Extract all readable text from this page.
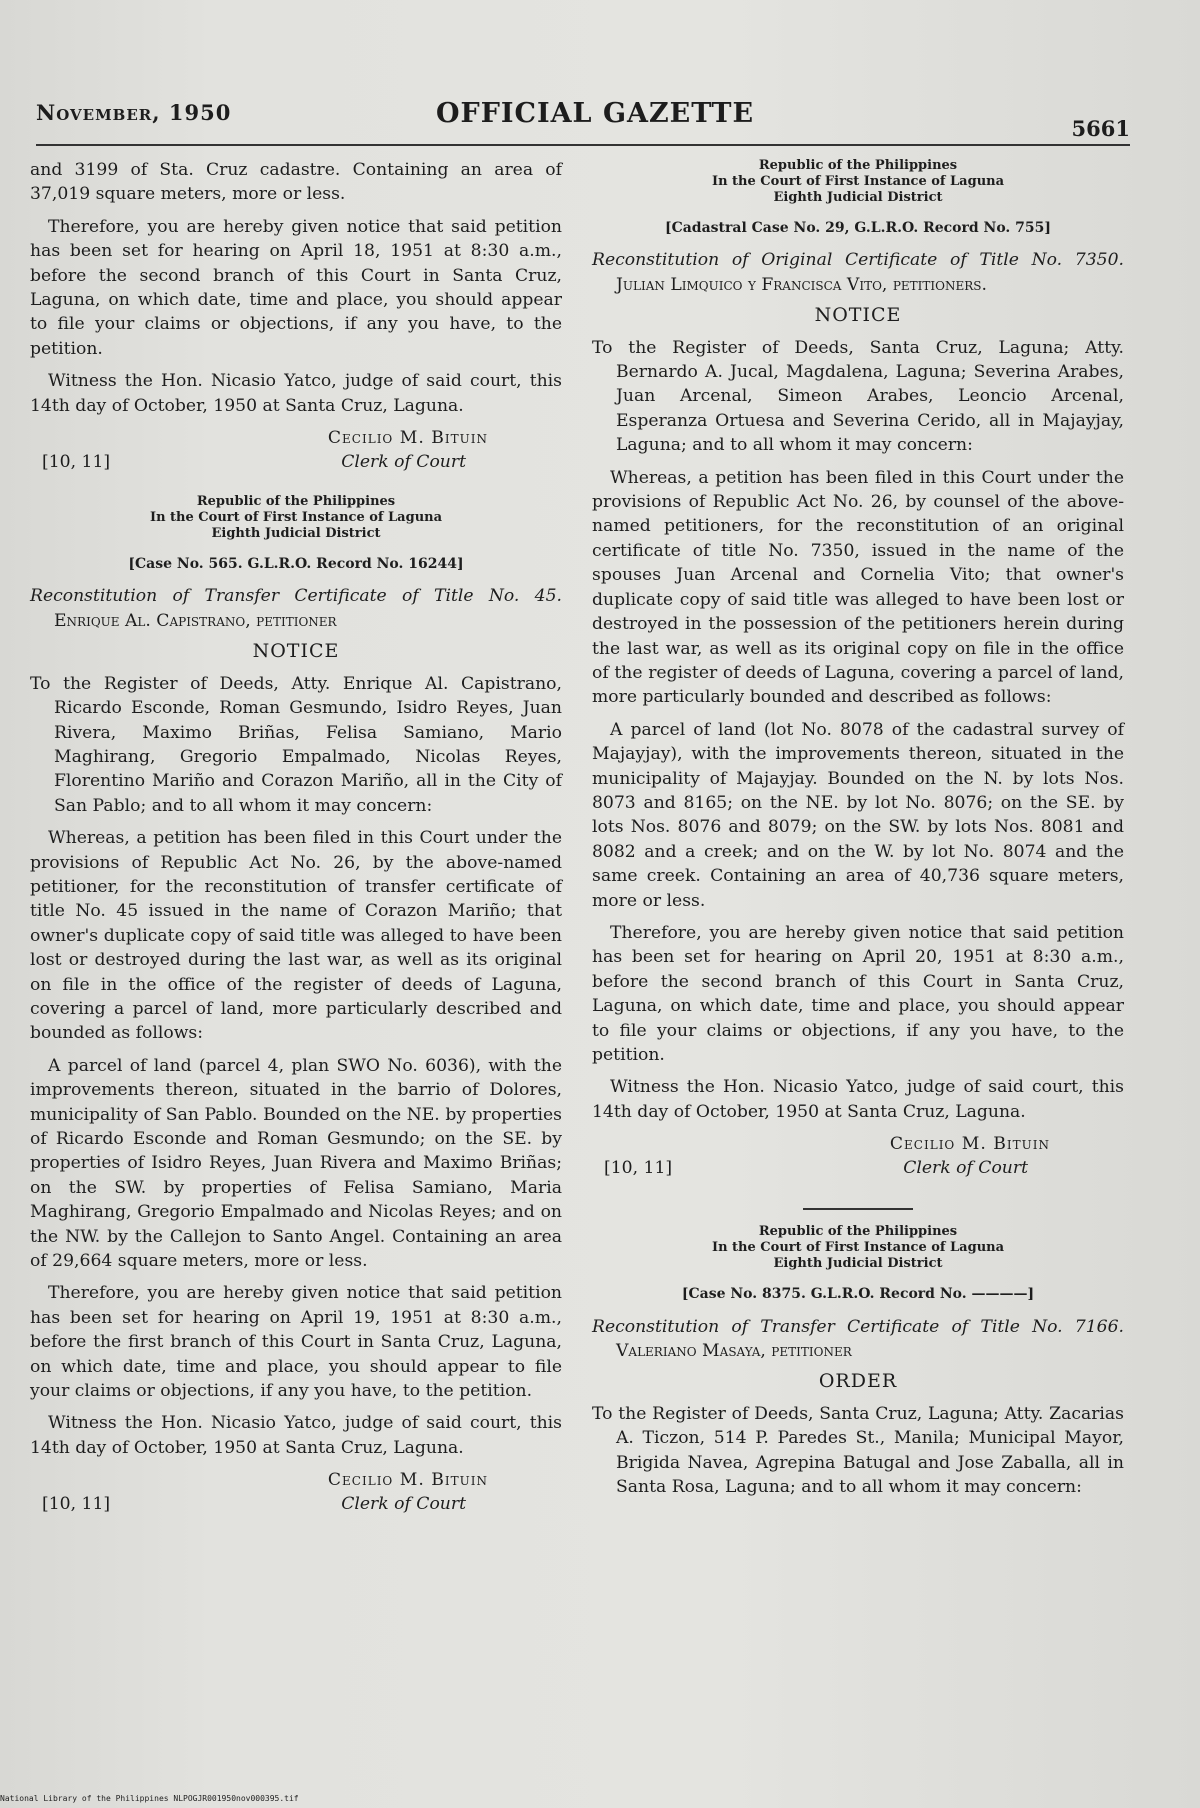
November, 1950	OFFICIAL GAZETTE	5661

and 3199 of Sta. Cruz cadastre. Containing an area of 37,019 square meters, more or less.

Therefore, you are hereby given notice that said petition has been set for hearing on April 18, 1951 at 8:30 a.m., before the second branch of this Court in Santa Cruz, Laguna, on which date, time and place, you should appear to file your claims or objections, if any you have, to the petition.

Witness the Hon. Nicasio Yatco, judge of said court, this 14th day of October, 1950 at Santa Cruz, Laguna.

Cecilio M. Bituin
[10, 11]	Clerk of Court
Republic of the Philippines
In the Court of First Instance of Laguna
Eighth Judicial District
[Case No. 565. G.L.R.O. Record No. 16244]
Reconstitution of Transfer Certificate of Title No. 45. Enrique Al. Capistrano, petitioner
NOTICE

To the Register of Deeds, Atty. Enrique Al. Capistrano, Ricardo Esconde, Roman Gesmundo, Isidro Reyes, Juan Rivera, Maximo Briñas, Felisa Samiano, Mario Maghirang, Gregorio Empalmado, Nicolas Reyes, Florentino Mariño and Corazon Mariño, all in the City of San Pablo; and to all whom it may concern:

Whereas, a petition has been filed in this Court under the provisions of Republic Act No. 26, by the above-named petitioner, for the reconstitution of transfer certificate of title No. 45 issued in the name of Corazon Mariño; that owner's duplicate copy of said title was alleged to have been lost or destroyed during the last war, as well as its original on file in the office of the register of deeds of Laguna, covering a parcel of land, more particularly described and bounded as follows:

A parcel of land (parcel 4, plan SWO No. 6036), with the improvements thereon, situated in the barrio of Dolores, municipality of San Pablo. Bounded on the NE. by properties of Ricardo Esconde and Roman Gesmundo; on the SE. by properties of Isidro Reyes, Juan Rivera and Maximo Briñas; on the SW. by properties of Felisa Samiano, Maria Maghirang, Gregorio Empalmado and Nicolas Reyes; and on the NW. by the Callejon to Santo Angel. Containing an area of 29,664 square meters, more or less.

Therefore, you are hereby given notice that said petition has been set for hearing on April 19, 1951 at 8:30 a.m., before the first branch of this Court in Santa Cruz, Laguna, on which date, time and place, you should appear to file your claims or objections, if any you have, to the petition.

Witness the Hon. Nicasio Yatco, judge of said court, this 14th day of October, 1950 at Santa Cruz, Laguna.

Cecilio M. Bituin
[10, 11]	Clerk of Court
Republic of the Philippines
In the Court of First Instance of Laguna
Eighth Judicial District
[Cadastral Case No. 29, G.L.R.O. Record No. 755]
Reconstitution of Original Certificate of Title No. 7350. Julian Limquico y Francisca Vito, petitioners.
NOTICE

To the Register of Deeds, Santa Cruz, Laguna; Atty. Bernardo A. Jucal, Magdalena, Laguna; Severina Arabes, Juan Arcenal, Simeon Arabes, Leoncio Arcenal, Esperanza Ortuesa and Severina Cerido, all in Majayjay, Laguna; and to all whom it may concern:

Whereas, a petition has been filed in this Court under the provisions of Republic Act No. 26, by counsel of the above-named petitioners, for the reconstitution of an original certificate of title No. 7350, issued in the name of the spouses Juan Arcenal and Cornelia Vito; that owner's duplicate copy of said title was alleged to have been lost or destroyed in the possession of the petitioners herein during the last war, as well as its original copy on file in the office of the register of deeds of Laguna, covering a parcel of land, more particularly bounded and described as follows:

A parcel of land (lot No. 8078 of the cadastral survey of Majayjay), with the improvements thereon, situated in the municipality of Majayjay. Bounded on the N. by lots Nos. 8073 and 8165; on the NE. by lot No. 8076; on the SE. by lots Nos. 8076 and 8079; on the SW. by lots Nos. 8081 and 8082 and a creek; and on the W. by lot No. 8074 and the same creek. Containing an area of 40,736 square meters, more or less.

Therefore, you are hereby given notice that said petition has been set for hearing on April 20, 1951 at 8:30 a.m., before the second branch of this Court in Santa Cruz, Laguna, on which date, time and place, you should appear to file your claims or objections, if any you have, to the petition.

Witness the Hon. Nicasio Yatco, judge of said court, this 14th day of October, 1950 at Santa Cruz, Laguna.

Cecilio M. Bituin
[10, 11]	Clerk of Court
Republic of the Philippines
In the Court of First Instance of Laguna
Eighth Judicial District
[Case No. 8375. G.L.R.O. Record No. ————]
Reconstitution of Transfer Certificate of Title No. 7166. Valeriano Masaya, petitioner
ORDER

To the Register of Deeds, Santa Cruz, Laguna; Atty. Zacarias A. Ticzon, 514 P. Paredes St., Manila; Municipal Mayor, Brigida Navea, Agrepina Batugal and Jose Zaballa, all in Santa Rosa, Laguna; and to all whom it may concern:

National Library of the Philippines NLPOGJR001950nov000395.tif
